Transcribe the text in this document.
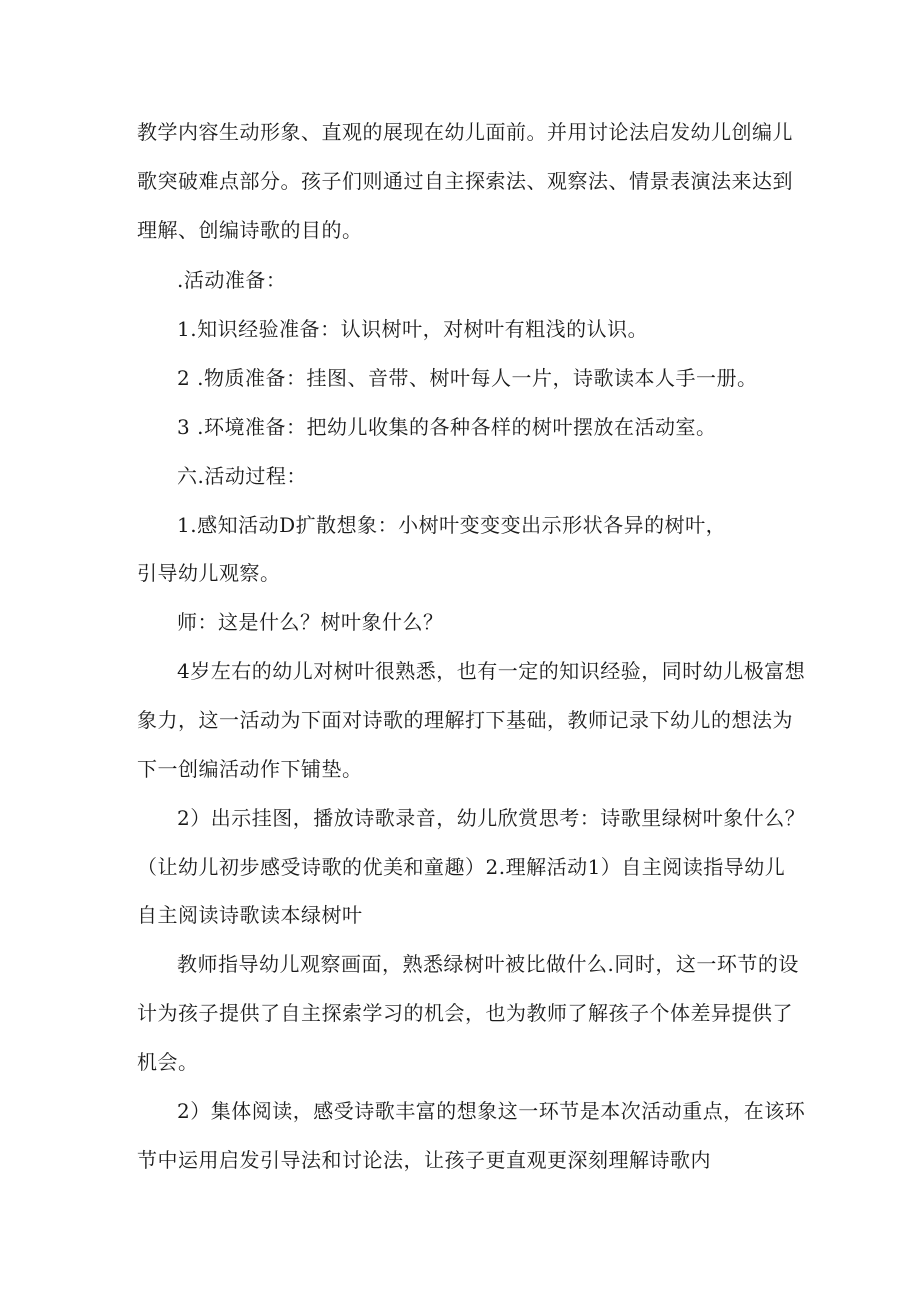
教学内容生动形象、直观的展现在幼儿面前。并用讨论法启发幼儿创编儿
歌突破难点部分。孩子们则通过自主探索法、观察法、情景表演法来达到
理解、创编诗歌的目的。
.活动准备：
1.知识经验准备：认识树叶，对树叶有粗浅的认识。
2 .物质准备：挂图、音带、树叶每人一片，诗歌读本人手一册。
3 .环境准备：把幼儿收集的各种各样的树叶摆放在活动室。
六.活动过程：
1.感知活动D扩散想象：小树叶变变变出示形状各异的树叶，
引导幼儿观察。
师：这是什么？树叶象什么？
4岁左右的幼儿对树叶很熟悉，也有一定的知识经验，同时幼儿极富想
象力，这一活动为下面对诗歌的理解打下基础，教师记录下幼儿的想法为
下一创编活动作下铺垫。
2）出示挂图，播放诗歌录音，幼儿欣赏思考：诗歌里绿树叶象什么？
（让幼儿初步感受诗歌的优美和童趣）2.理解活动1）自主阅读指导幼儿
自主阅读诗歌读本绿树叶
教师指导幼儿观察画面，熟悉绿树叶被比做什么.同时，这一环节的设
计为孩子提供了自主探索学习的机会，也为教师了解孩子个体差异提供了
机会。
2）集体阅读，感受诗歌丰富的想象这一环节是本次活动重点，在该环
节中运用启发引导法和讨论法，让孩子更直观更深刻理解诗歌内
